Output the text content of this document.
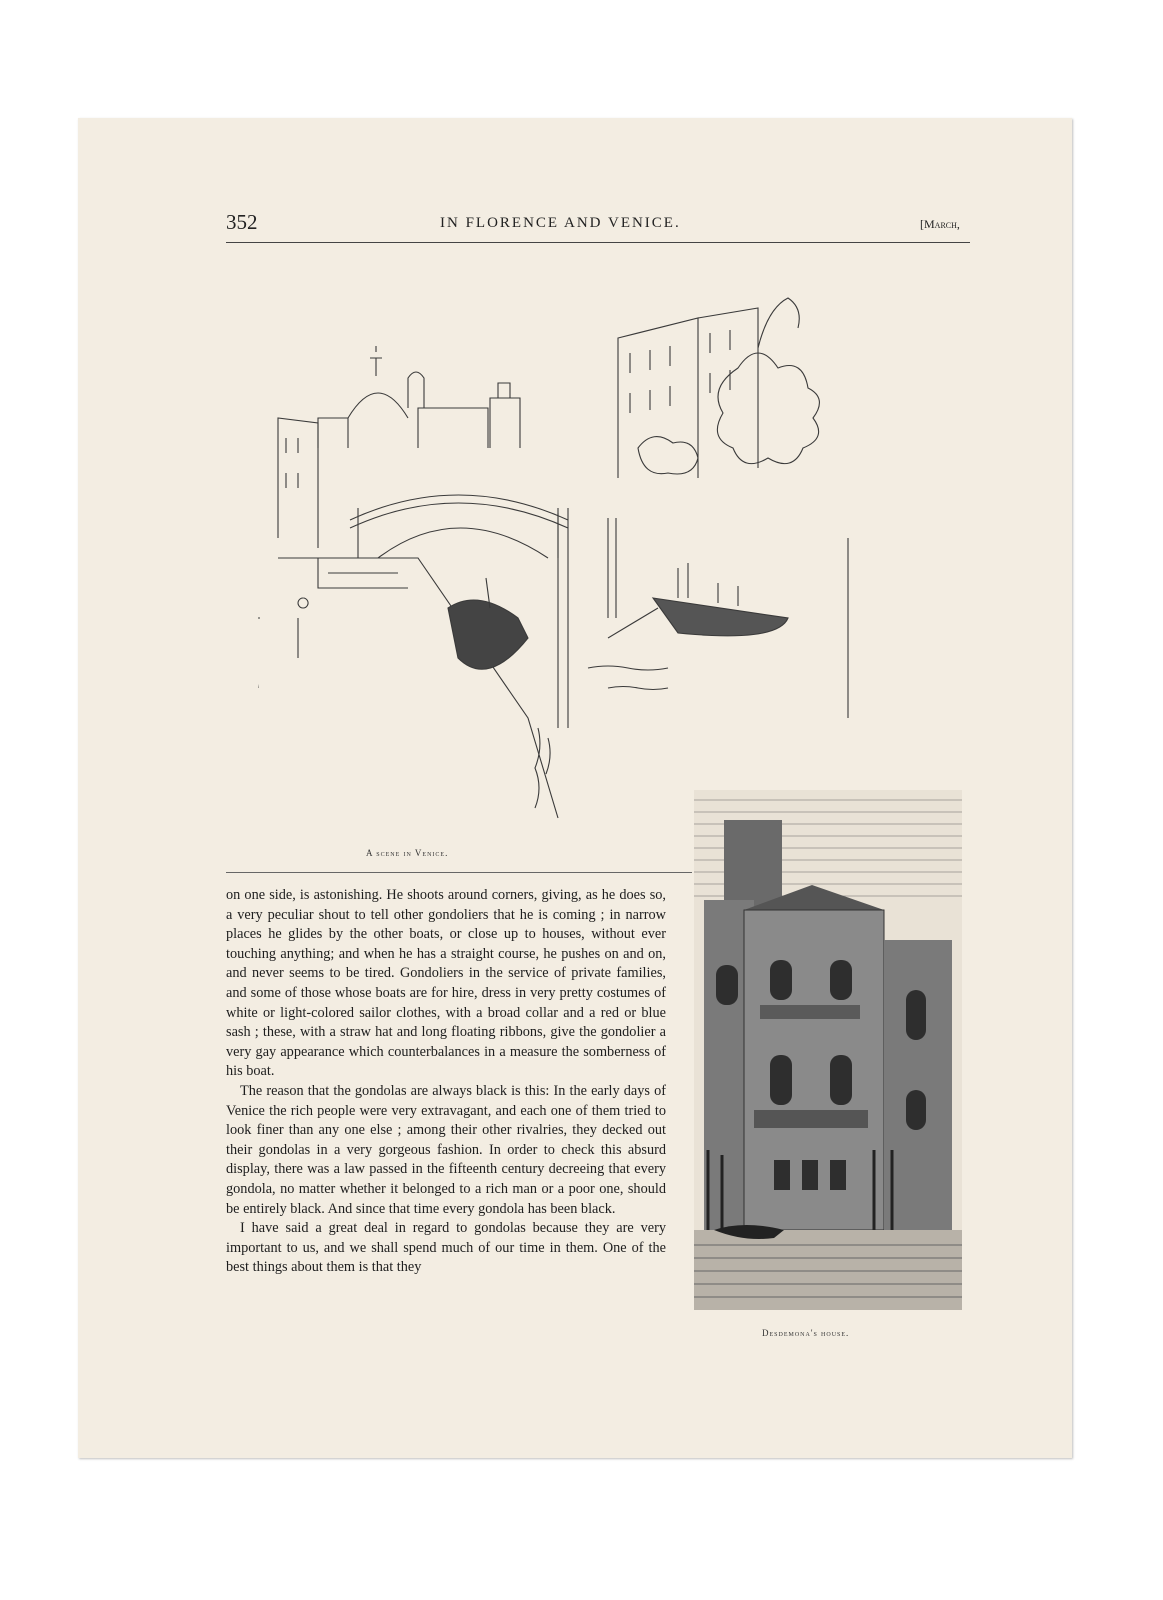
352	IN FLORENCE AND VENICE.	[March,
A scene in Venice.
Desdemona's house.

on one side, is astonishing. He shoots around corners, giving, as he does so, a very peculiar shout to tell other gondoliers that he is coming ; in narrow places he glides by the other boats, or close up to houses, without ever touching anything; and when he has a straight course, he pushes on and on, and never seems to be tired. Gondoliers in the service of private families, and some of those whose boats are for hire, dress in very pretty costumes of white or light-colored sailor clothes, with a broad collar and a red or blue sash ; these, with a straw hat and long floating ribbons, give the gondolier a very gay appearance which counterbalances in a measure the somberness of his boat.

The reason that the gondolas are always black is this: In the early days of Venice the rich people were very extravagant, and each one of them tried to look finer than any one else ; among their other rivalries, they decked out their gondolas in a very gorgeous fashion. In order to check this absurd display, there was a law passed in the fifteenth century decreeing that every gondola, no matter whether it belonged to a rich man or a poor one, should be entirely black. And since that time every gondola has been black.

I have said a great deal in regard to gondolas because they are very important to us, and we shall spend much of our time in them. One of the best things about them is that they
